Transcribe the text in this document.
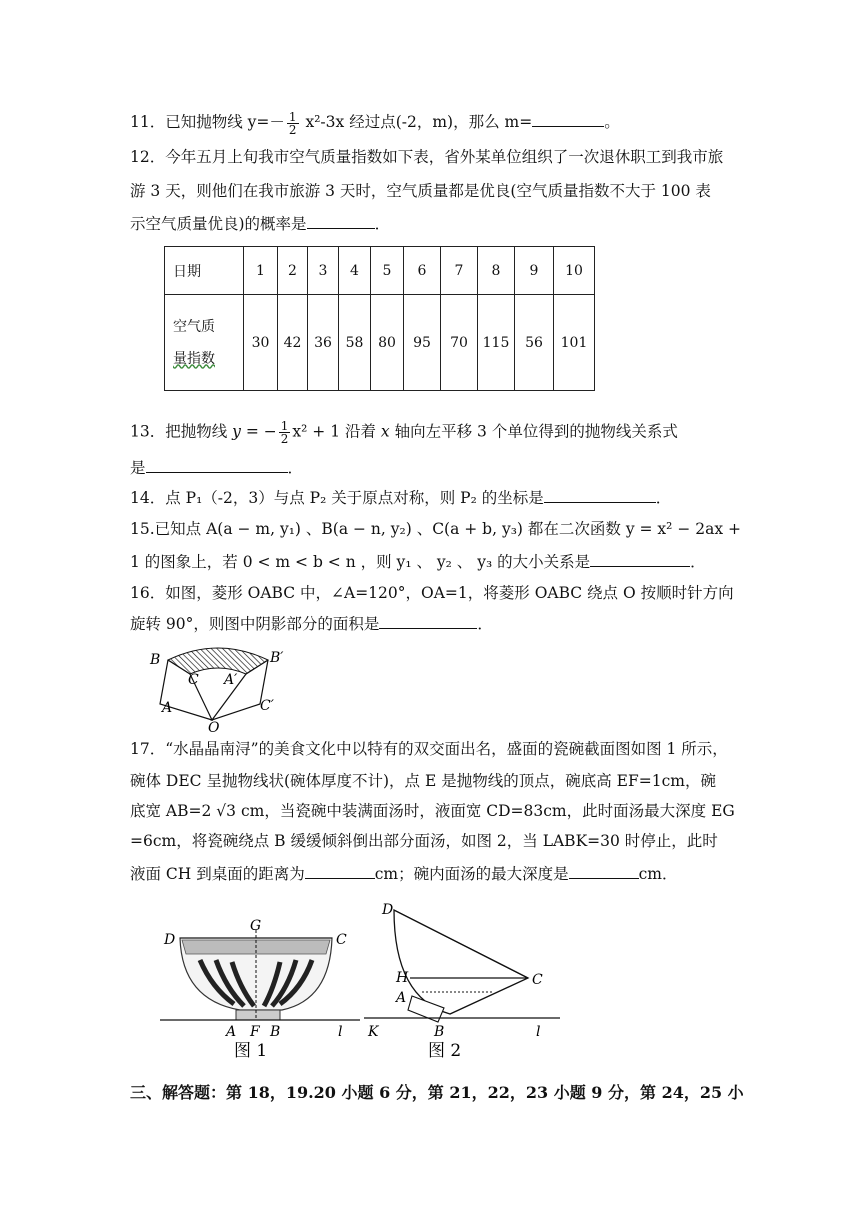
11．已知抛物线 $y=- \frac{1}{2} x^2-3x$ 经过点(-2，m)，那么 m=	。
12．今年五月上旬我市空气质量指数如下表，省外某单位组织了一次退休职工到我市旅
游 3 天，则他们在我市旅游 3 天时，空气质量都是优良(空气质量指数不大于 100 表
示空气质量优良)的概率是	．
日期	1	2	3	4	5	6	7	8	9	10
空气质
量指数	30	42	36	58	80	95	70	115	56	101
13．把抛物线 y = − $\frac{1}{2} x^2 + 1$ 沿着 x 轴向左平移 3 个单位得到的抛物线关系式
是	．
14．点 P₁（-2，3）与点 P₂ 关于原点对称，则 P₂ 的坐标是	．
15.已知点 A(a − m, y₁) 、B(a − n, y₂) 、C(a + b, y₃) 都在二次函数 y = x² − 2ax +
1 的图象上，若 0 < m < b < n ，则 y₁ 、 y₂ 、 y₃ 的大小关系是	．
16．如图，菱形 OABC 中，∠A=120°，OA=1，将菱形 OABC 绕点 O 按顺时针方向
旋转 90°，则图中阴影部分的面积是	．
B	B′
C A′
A	C′
O
17．“水晶晶南浔”的美食文化中以特有的双交面出名，盛面的瓷碗截面图如图 1 所示，
碗体 DEC 呈抛物线状(碗体厚度不计)，点 E 是抛物线的顶点，碗底高 EF=1cm，碗
底宽 AB=2 √3 cm，当瓷碗中装满面汤时，液面宽 CD=83cm，此时面汤最大深度 EG
=6cm，将瓷碗绕点 B 缓缓倾斜倒出部分面汤，如图 2，当 LABK=30 时停止，此时
液面 CH 到桌面的距离为	cm；碗内面汤的最大深度是	cm．
D
G
C
A F B	l
图 1
D
H	C
A
K	B	l
图 2
三、解答题：第 18，19.20 小题 6 分，第 21，22，23 小题 9 分，第 24，25 小
